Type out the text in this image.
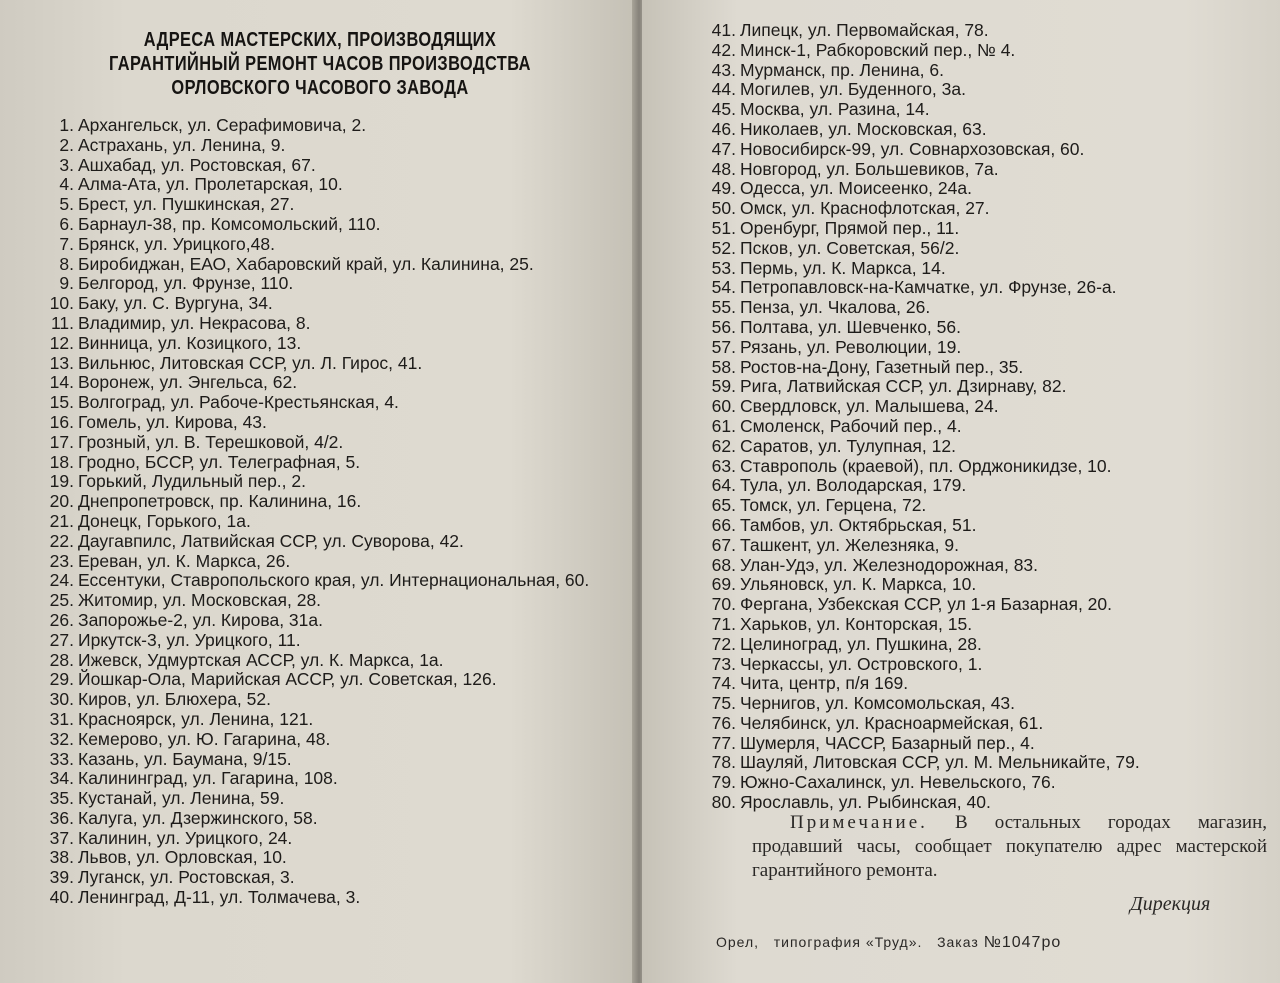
АДРЕСА МАСТЕРСКИХ, ПРОИЗВОДЯЩИХ
ГАРАНТИЙНЫЙ РЕМОНТ ЧАСОВ ПРОИЗВОДСТВА
ОРЛОВСКОГО ЧАСОВОГО ЗАВОДА
1. Архангельск, ул. Серафимовича, 2.
2. Астрахань, ул. Ленина, 9.
3. Ашхабад, ул. Ростовская, 67.
4. Алма-Ата, ул. Пролетарская, 10.
5. Брест, ул. Пушкинская, 27.
6. Барнаул-38, пр. Комсомольский, 110.
7. Брянск, ул. Урицкого,48.
8. Биробиджан, ЕАО, Хабаровский край, ул. Калинина, 25.
9. Белгород, ул. Фрунзе, 110.
10. Баку, ул. С. Вургуна, 34.
11. Владимир, ул. Некрасова, 8.
12. Винница, ул. Козицкого, 13.
13. Вильнюс, Литовская ССР, ул. Л. Гирос, 41.
14. Воронеж, ул. Энгельса, 62.
15. Волгоград, ул. Рабоче-Крестьянская, 4.
16. Гомель, ул. Кирова, 43.
17. Грозный, ул. В. Терешковой, 4/2.
18. Гродно, БССР, ул. Телеграфная, 5.
19. Горький, Лудильный пер., 2.
20. Днепропетровск, пр. Калинина, 16.
21. Донецк, Горького, 1а.
22. Даугавпилс, Латвийская ССР, ул. Суворова, 42.
23. Ереван, ул. К. Маркса, 26.
24. Ессентуки, Ставропольского края, ул. Интернациональная, 60.
25. Житомир, ул. Московская, 28.
26. Запорожье-2, ул. Кирова, 31а.
27. Иркутск-3, ул. Урицкого, 11.
28. Ижевск, Удмуртская АССР, ул. К. Маркса, 1а.
29. Йошкар-Ола, Марийская АССР, ул. Советская, 126.
30. Киров, ул. Блюхера, 52.
31. Красноярск, ул. Ленина, 121.
32. Кемерово, ул. Ю. Гагарина, 48.
33. Казань, ул. Баумана, 9/15.
34. Калининград, ул. Гагарина, 108.
35. Кустанай, ул. Ленина, 59.
36. Калуга, ул. Дзержинского, 58.
37. Калинин, ул. Урицкого, 24.
38. Львов, ул. Орловская, 10.
39. Луганск, ул. Ростовская, 3.
40. Ленинград, Д-11, ул. Толмачева, 3.
41. Липецк, ул. Первомайская, 78.
42. Минск-1, Рабкоровский пер., № 4.
43. Мурманск, пр. Ленина, 6.
44. Могилев, ул. Буденного, 3а.
45. Москва, ул. Разина, 14.
46. Николаев, ул. Московская, 63.
47. Новосибирск-99, ул. Совнархозовская, 60.
48. Новгород, ул. Большевиков, 7а.
49. Одесса, ул. Моисеенко, 24а.
50. Омск, ул. Краснофлотская, 27.
51. Оренбург, Прямой пер., 11.
52. Псков, ул. Советская, 56/2.
53. Пермь, ул. К. Маркса, 14.
54. Петропавловск-на-Камчатке, ул. Фрунзе, 26-а.
55. Пенза, ул. Чкалова, 26.
56. Полтава, ул. Шевченко, 56.
57. Рязань, ул. Революции, 19.
58. Ростов-на-Дону, Газетный пер., 35.
59. Рига, Латвийская ССР, ул. Дзирнаву, 82.
60. Свердловск, ул. Малышева, 24.
61. Смоленск, Рабочий пер., 4.
62. Саратов, ул. Тулупная, 12.
63. Ставрополь (краевой), пл. Орджоникидзе, 10.
64. Тула, ул. Володарская, 179.
65. Томск, ул. Герцена, 72.
66. Тамбов, ул. Октябрьская, 51.
67. Ташкент, ул. Железняка, 9.
68. Улан-Удэ, ул. Железнодорожная, 83.
69. Ульяновск, ул. К. Маркса, 10.
70. Фергана, Узбекская ССР, ул 1-я Базарная, 20.
71. Харьков, ул. Конторская, 15.
72. Целиноград, ул. Пушкина, 28.
73. Черкассы, ул. Островского, 1.
74. Чита, центр, п/я 169.
75. Чернигов, ул. Комсомольская, 43.
76. Челябинск, ул. Красноармейская, 61.
77. Шумерля, ЧАССР, Базарный пер., 4.
78. Шауляй, Литовская ССР, ул. М. Мельникайте, 79.
79. Южно-Сахалинск, ул. Невельского, 76.
80. Ярославль, ул. Рыбинская, 40.
Примечание. В остальных городах магазин, продавший часы, сообщает покупателю адрес мастерской гарантийного ремонта.
Дирекция
Орел, типография «Труд». Заказ №1047ро
